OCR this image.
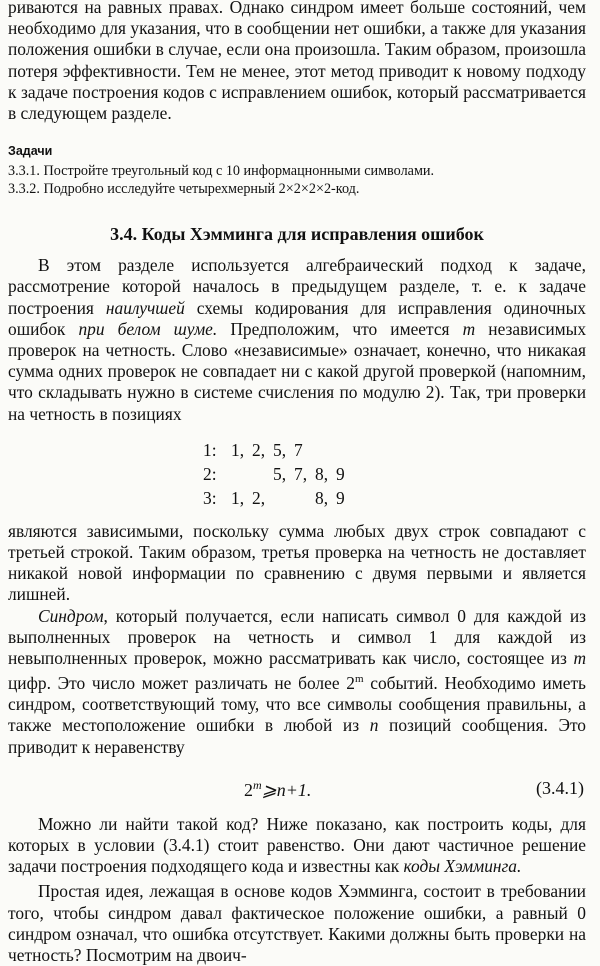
риваются на равных правах. Однако синдром имеет больше состояний, чем необходимо для указания, что в сообщении нет ошибки, а также для указания положения ошибки в случае, если она произошла. Таким образом, произошла потеря эффективности. Тем не менее, этот метод приводит к новому подходу к задаче построения кодов с исправлением ошибок, который рассматривается в следующем разделе.

Задачи

3.3.1. Постройте треугольный код с 10 информацнонными символами.

3.3.2. Подробно исследуйте четырехмерный 2×2×2×2-код.

3.4. Коды Хэмминга для исправления ошибок

В этом разделе используется алгебраический подход к задаче, рассмотрение которой началось в предыдущем разделе, т. е. к задаче построения наилучшей схемы кодирования для исправления одиночных ошибок при белом шуме. Предположим, что имеется m независимых проверок на четность. Слово «независимые» означает, конечно, что никакая сумма одних проверок не совпадает ни с какой другой проверкой (напомним, что складывать нужно в системе счисления по модулю 2). Так, три проверки на четность в позициях

1: 1, 2, 5, 7
2:	5, 7, 8, 9
3: 1, 2,	8, 9

являются зависимыми, поскольку сумма любых двух строк совпадают с третьей строкой. Таким образом, третья проверка на четность не доставляет никакой новой информации по сравнению с двумя первыми и является лишней.

Синдром, который получается, если написать символ 0 для каждой из выполненных проверок на четность и символ 1 для каждой из невыполненных проверок, можно рассматривать как число, состоящее из m цифр. Это число может различать не более 2$^m$ событий. Необходимо иметь синдром, соответствующий тому, что все символы сообщения правильны, а также местоположение ошибки в любой из n позиций сообщения. Это приводит к неравенству

$2^m⩾n+1$.	(3.4.1)

Можно ли найти такой код? Ниже показано, как построить коды, для которых в условии (3.4.1) стоит равенство. Они дают частичное решение задачи построения подходящего кода и известны как коды Хэмминга.

Простая идея, лежащая в основе кодов Хэмминга, состоит в требовании того, чтобы синдром давал фактическое положение ошибки, а равный 0 синдром означал, что ошибка отсутствует. Какими должны быть проверки на четность? Посмотрим на двоич-
